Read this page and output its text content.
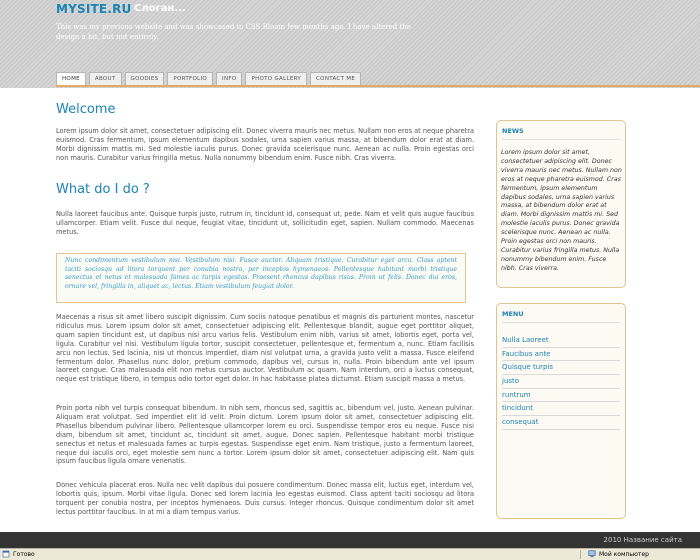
MYSITE.RU Слоган...
This was my previous website and was showcased in CSS Bloom few months ago. I have altered the design a bit, but not entirely.
HOME	ABOUT	GOODIES	PORTFOLIO	INFO	PHOTO GALLERY	CONTACT ME
Welcome

Lorem ipsum dolor sit amet, consectetuer adipiscing elit. Donec viverra mauris nec metus. Nullam non eros at neque pharetra euismod. Cras fermentum, ipsum elementum dapibus sodales, urna sapien varius massa, at bibendum dolor erat at diam. Morbi dignissim mattis mi. Sed molestie iaculis purus. Donec gravida scelerisque nunc. Aenean ac nulla. Proin egestas orci non mauris. Curabitur varius fringilla metus. Nulla nonummy bibendum enim. Fusce nibh. Cras viverra.

What do I do ?

Nulla laoreet faucibus ante. Quisque turpis justo, rutrum in, tincidunt id, consequat ut, pede. Nam et velit quis augue faucibus ullamcorper. Etiam velit. Fusce dui neque, feugiat vitae, tincidunt ut, sollicitudin eget, sapien. Nullam commodo. Maecenas metus.

Nunc condimentum vestibulum nisi. Vestibulum nisi. Fusce auctor. Aliquam tristique. Curabitur eget arcu. Class aptent taciti sociosqu ad litora torquent per conubia nostra, per inceptos hymenaeos. Pellentesque habitant morbi tristique senectus et netus et malesuada fames ac turpis egestas. Praesent rhoncus dapibus risus. Proin ut felis. Donec dui eros, ornare vel, fringilla in, aliquet ac, lectus. Etiam vestibulum feugiat dolor.

Maecenas a risus sit amet libero suscipit dignissim. Cum sociis natoque penatibus et magnis dis parturient montes, nascetur ridiculus mus. Lorem ipsum dolor sit amet, consectetuer adipiscing elit. Pellentesque blandit, augue eget porttitor aliquet, quam sapien tincidunt est, ut dapibus nisi arcu varius felis. Vestibulum enim nibh, varius sit amet, lobortis eget, porta vel, ligula. Curabitur vel nisi. Vestibulum ligula tortor, suscipit consectetuer, pellentesque et, fermentum a, nunc. Etiam facilisis arcu non lectus. Sed lacinia, nisi ut rhoncus imperdiet, diam nisl volutpat urna, a gravida justo velit a massa. Fusce eleifend fermentum dolor. Phasellus nunc dolor, pretium commodo, dapibus vel, cursus in, nulla. Proin bibendum ante vel ipsum laoreet congue. Cras malesuada elit non metus cursus auctor. Vestibulum ac quam. Nam interdum, orci a luctus consequat, neque est tristique libero, in tempus odio tortor eget dolor. In hac habitasse platea dictumst. Etiam suscipit massa a metus.

Proin porta nibh vel turpis consequat bibendum. In nibh sem, rhoncus sed, sagittis ac, bibendum vel, justo. Aenean pulvinar. Aliquam erat volutpat. Sed imperdiet elit id velit. Proin dictum. Lorem ipsum dolor sit amet, consectetuer adipiscing elit. Phasellus bibendum pulvinar libero. Pellentesque ullamcorper lorem eu orci. Suspendisse tempor eros eu neque. Fusce nisi diam, bibendum sit amet, tincidunt ac, tincidunt sit amet, augue. Donec sapien. Pellentesque habitant morbi tristique senectus et netus et malesuada fames ac turpis egestas. Suspendisse eget enim. Nam tristique, justo a fermentum laoreet, neque dui iaculis orci, eget molestie sem nunc a tortor. Lorem ipsum dolor sit amet, consectetuer adipiscing elit. Nam quis ipsum faucibus ligula ornare venenatis.

Donec vehicula placerat eros. Nulla nec velit dapibus dui posuere condimentum. Donec massa elit, luctus eget, interdum vel, lobortis quis, ipsum. Morbi vitae ligula. Donec sed lorem lacinia leo egestas euismod. Class aptent taciti sociosqu ad litora torquent per conubia nostra, per inceptos hymenaeos. Duis cursus. Integer rhoncus. Quisque condimentum dolor sit amet lectus porttitor faucibus. In at mi a diam tempus varius.

NEWS

Lorem ipsum dolor sit amet, consectetuer adipiscing elit. Donec viverra mauris nec metus. Nullam non eros at neque pharetra euismod. Cras fermentum, ipsum elementum dapibus sodales, urna sapien varius massa, at bibendum dolor erat at diam. Morbi dignissim mattis mi. Sed molestie iaculis purus. Donec gravida scelerisque nunc. Aenean ac nulla. Proin egestas orci non mauris. Curabitur varius fringilla metus. Nulla nonummy bibendum enim. Fusce nibh. Cras viverra.

MENU
Nulla Laoreet
Faucibus ante
Quisque turpis
justo
runtrum
tincidunt
consequat
2010 Название сайта
Готово	Мой компьютер
